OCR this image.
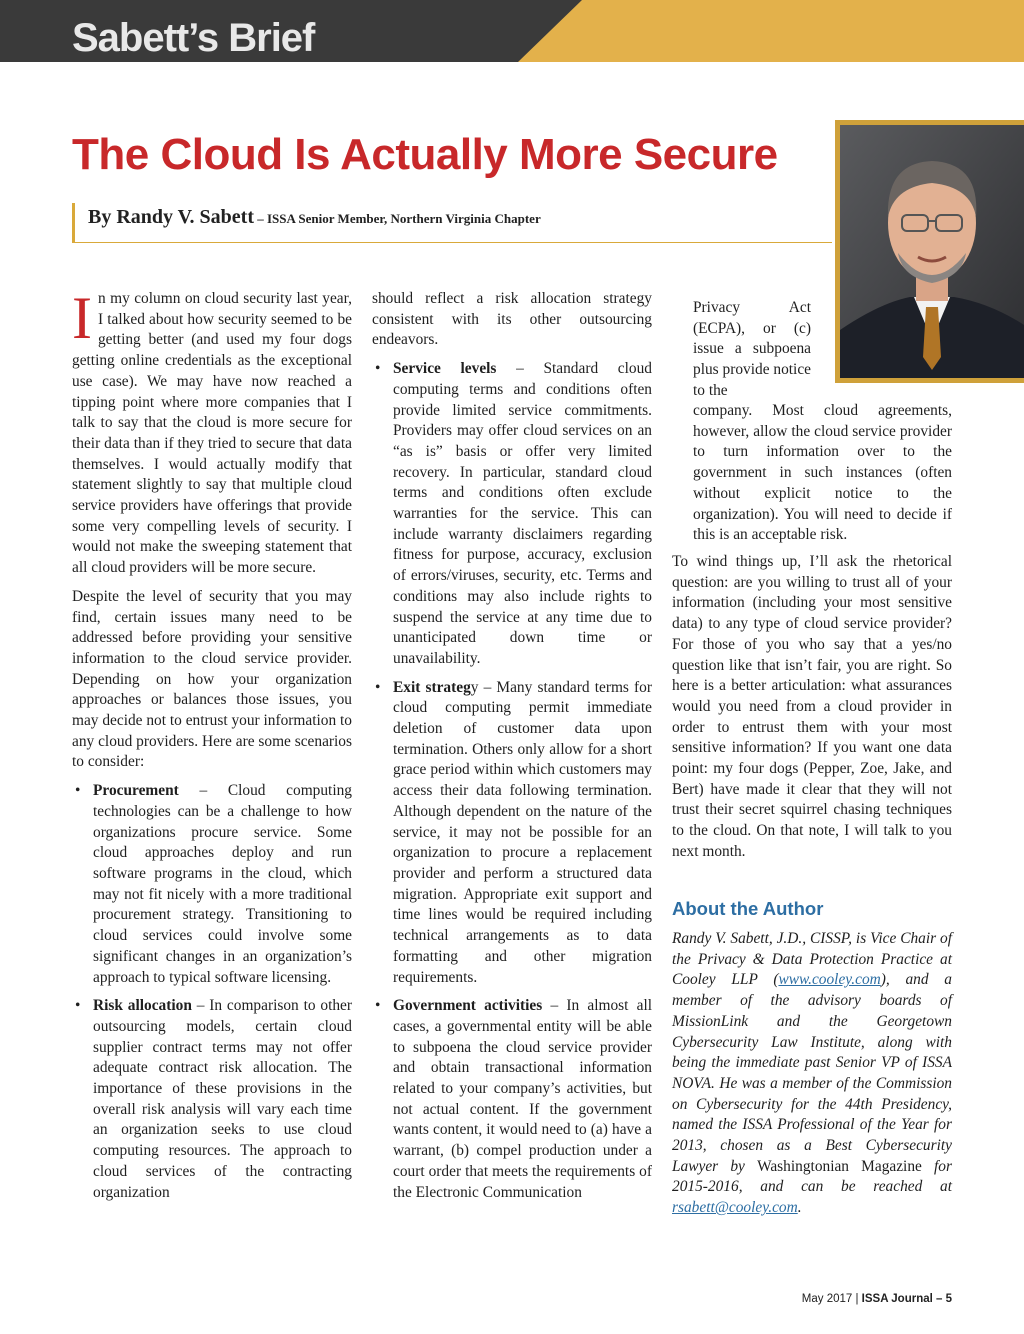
Sabett’s Brief
The Cloud Is Actually More Secure
By Randy V. Sabett – ISSA Senior Member, Northern Virginia Chapter

In my column on cloud security last year, I talked about how security seemed to be getting better (and used my four dogs getting online credentials as the exceptional use case). We may have now reached a tipping point where more companies that I talk to say that the cloud is more secure for their data than if they tried to secure that data themselves. I would actually modify that statement slightly to say that multiple cloud service providers have offerings that provide some very compelling levels of security. I would not make the sweeping statement that all cloud providers will be more secure.

Despite the level of security that you may find, certain issues many need to be addressed before providing your sensitive information to the cloud service provider. Depending on how your organization approaches or balances those issues, you may decide not to entrust your information to any cloud providers. Here are some scenarios to consider:

• Procurement – Cloud computing technologies can be a challenge to how organizations procure service. Some cloud approaches deploy and run software programs in the cloud, which may not fit nicely with a more traditional procurement strategy. Transitioning to cloud services could involve some significant changes in an organization’s approach to typical software licensing.
• Risk allocation – In comparison to other outsourcing models, certain cloud supplier contract terms may not offer adequate contract risk allocation. The importance of these provisions in the overall risk analysis will vary each time an organization seeks to use cloud computing resources. The approach to cloud services of the contracting organization

should reflect a risk allocation strategy consistent with its other outsourcing endeavors.

• Service levels – Standard cloud computing terms and conditions often provide limited service commitments. Providers may offer cloud services on an “as is” basis or offer very limited recovery. In particular, standard cloud terms and conditions often exclude warranties for the service. This can include warranty disclaimers regarding fitness for purpose, accuracy, exclusion of errors/viruses, security, etc. Terms and conditions may also include rights to suspend the service at any time due to unanticipated down time or unavailability.
• Exit strategy – Many standard terms for cloud computing permit immediate deletion of customer data upon termination. Others only allow for a short grace period within which customers may access their data following termination. Although dependent on the nature of the service, it may not be possible for an organization to procure a replacement provider and perform a structured data migration. Appropriate exit support and time lines would be required including technical arrangements as to data formatting and other migration requirements.
• Government activities – In almost all cases, a governmental entity will be able to subpoena the cloud service provider and obtain transactional information related to your company’s activities, but not actual content. If the government wants content, it would need to (a) have a warrant, (b) compel production under a court order that meets the requirements of the Electronic Communication
Privacy Act (ECPA), or (c) issue a subpoena plus provide notice to the
company. Most cloud agreements, however, allow the cloud service provider to turn information over to the government in such instances (often without explicit notice to the organization). You will need to decide if this is an acceptable risk.
To wind things up, I’ll ask the rhetorical question: are you willing to trust all of your information (including your most sensitive data) to any type of cloud service provider? For those of you who say that a yes/no question like that isn’t fair, you are right. So here is a better articulation: what assurances would you need from a cloud provider in order to entrust them with your most sensitive information? If you want one data point: my four dogs (Pepper, Zoe, Jake, and Bert) have made it clear that they will not trust their secret squirrel chasing techniques to the cloud. On that note, I will talk to you next month.
About the Author
Randy V. Sabett, J.D., CISSP, is Vice Chair of the Privacy & Data Protection Practice at Cooley LLP (www.cooley.com), and a member of the advisory boards of MissionLink and the Georgetown Cybersecurity Law Institute, along with being the immediate past Senior VP of ISSA NOVA. He was a member of the Commission on Cybersecurity for the 44th Presidency, named the ISSA Professional of the Year for 2013, chosen as a Best Cybersecurity Lawyer by Washingtonian Magazine for 2015-2016, and can be reached at rsabett@cooley.com.
May 2017 | ISSA Journal – 5
